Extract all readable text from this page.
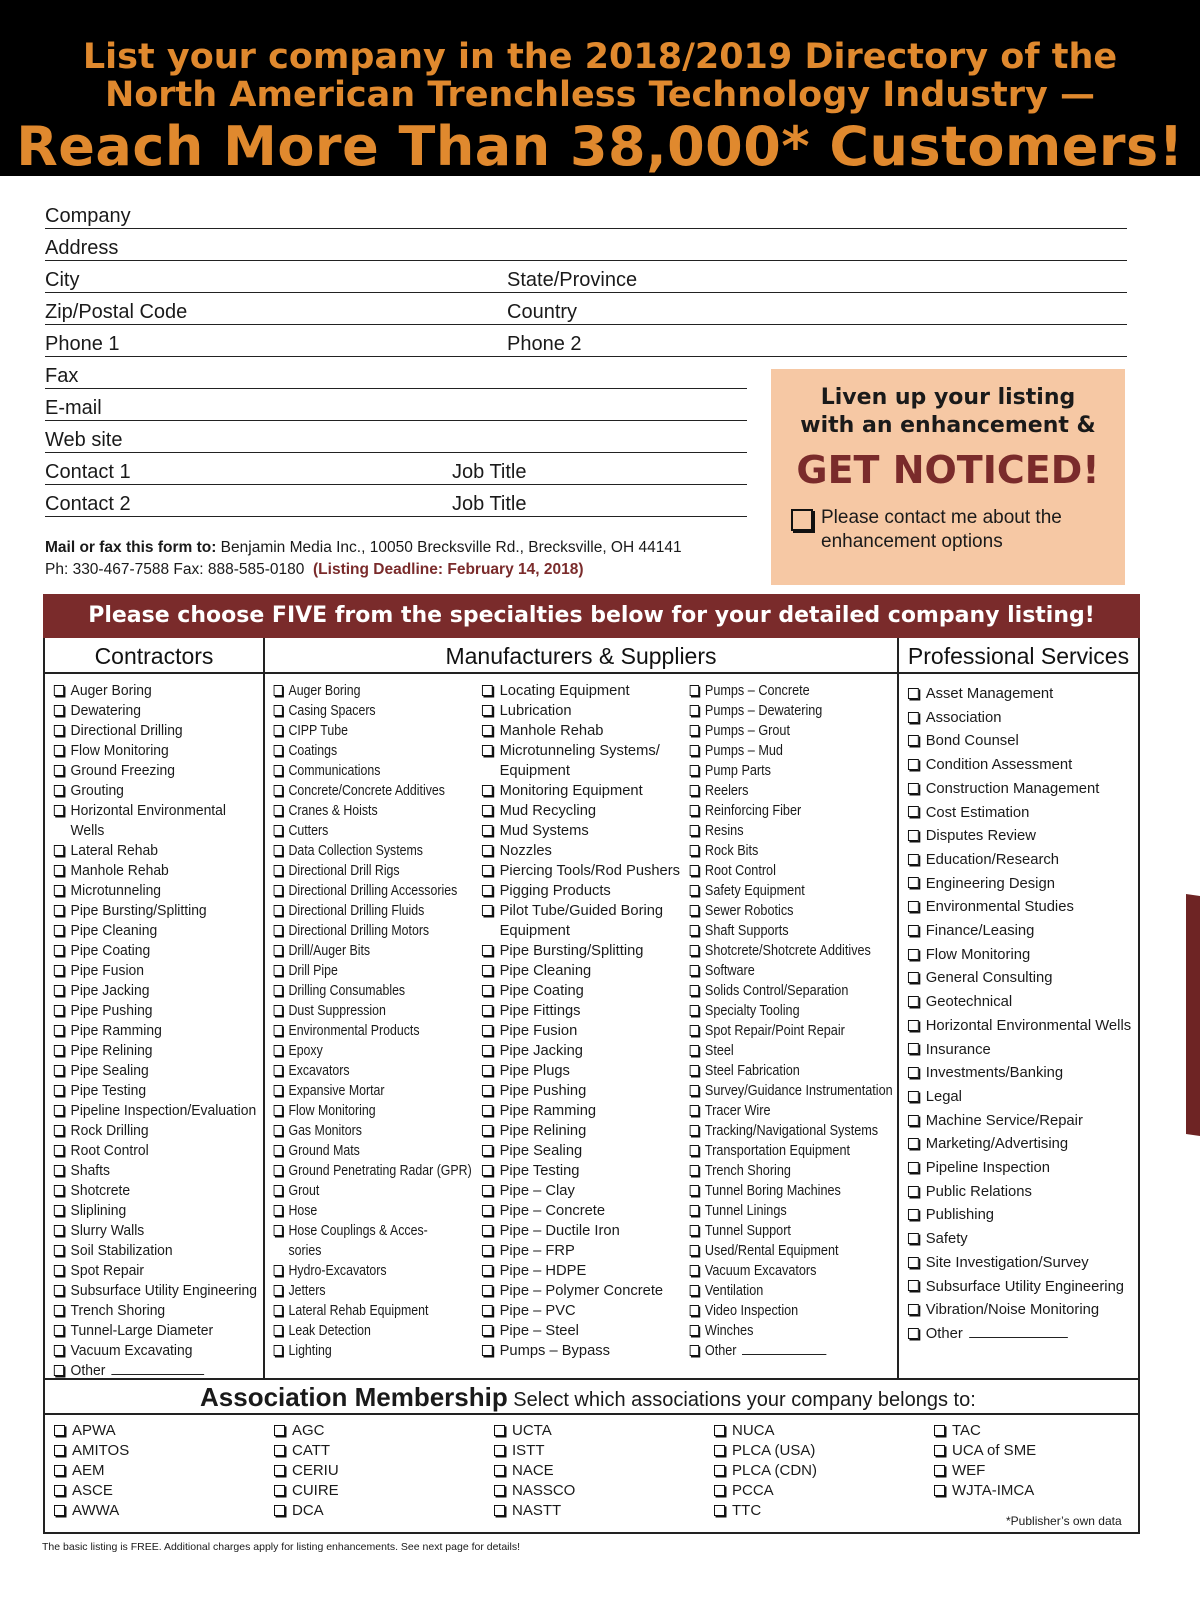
List your company in the 2018/2019 Directory of the
North American Trenchless Technology Industry —
Reach More Than 38,000* Customers!
Company
Address
City	State/Province
Zip/Postal Code	Country
Phone 1	Phone 2
Fax
E-mail
Web site
Contact 1	Job Title
Contact 2	Job Title
Mail or fax this form to: Benjamin Media Inc., 10050 Brecksville Rd., Brecksville, OH 44141
Ph: 330-467-7588 Fax: 888-585-0180 (Listing Deadline: February 14, 2018)
Liven up your listing
with an enhancement &
GET NOTICED!
Please contact me about the enhancement options
Please choose FIVE from the specialties below for your detailed company listing!
Contractors	Manufacturers & Suppliers	Professional Services
Auger Boring
Dewatering
Directional Drilling
Flow Monitoring
Ground Freezing
Grouting
Horizontal Environmental
Wells
Lateral Rehab
Manhole Rehab
Microtunneling
Pipe Bursting/Splitting
Pipe Cleaning
Pipe Coating
Pipe Fusion
Pipe Jacking
Pipe Pushing
Pipe Ramming
Pipe Relining
Pipe Sealing
Pipe Testing
Pipeline Inspection/Evaluation
Rock Drilling
Root Control
Shafts
Shotcrete
Sliplining
Slurry Walls
Soil Stabilization
Spot Repair
Subsurface Utility Engineering
Trench Shoring
Tunnel-Large Diameter
Vacuum Excavating
Other
Auger Boring
Casing Spacers
CIPP Tube
Coatings
Communications
Concrete/Concrete Additives
Cranes & Hoists
Cutters
Data Collection Systems
Directional Drill Rigs
Directional Drilling Accessories
Directional Drilling Fluids
Directional Drilling Motors
Drill/Auger Bits
Drill Pipe
Drilling Consumables
Dust Suppression
Environmental Products
Epoxy
Excavators
Expansive Mortar
Flow Monitoring
Gas Monitors
Ground Mats
Ground Penetrating Radar (GPR)
Grout
Hose
Hose Couplings & Acces-
sories
Hydro-Excavators
Jetters
Lateral Rehab Equipment
Leak Detection
Lighting
Locating Equipment
Lubrication
Manhole Rehab
Microtunneling Systems/
Equipment
Monitoring Equipment
Mud Recycling
Mud Systems
Nozzles
Piercing Tools/Rod Pushers
Pigging Products
Pilot Tube/Guided Boring
Equipment
Pipe Bursting/Splitting
Pipe Cleaning
Pipe Coating
Pipe Fittings
Pipe Fusion
Pipe Jacking
Pipe Plugs
Pipe Pushing
Pipe Ramming
Pipe Relining
Pipe Sealing
Pipe Testing
Pipe – Clay
Pipe – Concrete
Pipe – Ductile Iron
Pipe – FRP
Pipe – HDPE
Pipe – Polymer Concrete
Pipe – PVC
Pipe – Steel
Pumps – Bypass
Pumps – Concrete
Pumps – Dewatering
Pumps – Grout
Pumps – Mud
Pump Parts
Reelers
Reinforcing Fiber
Resins
Rock Bits
Root Control
Safety Equipment
Sewer Robotics
Shaft Supports
Shotcrete/Shotcrete Additives
Software
Solids Control/Separation
Specialty Tooling
Spot Repair/Point Repair
Steel
Steel Fabrication
Survey/Guidance Instrumentation
Tracer Wire
Tracking/Navigational Systems
Transportation Equipment
Trench Shoring
Tunnel Boring Machines
Tunnel Linings
Tunnel Support
Used/Rental Equipment
Vacuum Excavators
Ventilation
Video Inspection
Winches
Other
Asset Management
Association
Bond Counsel
Condition Assessment
Construction Management
Cost Estimation
Disputes Review
Education/Research
Engineering Design
Environmental Studies
Finance/Leasing
Flow Monitoring
General Consulting
Geotechnical
Horizontal Environmental Wells
Insurance
Investments/Banking
Legal
Machine Service/Repair
Marketing/Advertising
Pipeline Inspection
Public Relations
Publishing
Safety
Site Investigation/Survey
Subsurface Utility Engineering
Vibration/Noise Monitoring
Other
Association Membership Select which associations your company belongs to:
APWA
AMITOS
AEM
ASCE
AWWA
AGC
CATT
CERIU
CUIRE
DCA
UCTA
ISTT
NACE
NASSCO
NASTT
NUCA
PLCA (USA)
PLCA (CDN)
PCCA
TTC
TAC
UCA of SME
WEF
WJTA-IMCA
*Publisher’s own data
The basic listing is FREE. Additional charges apply for listing enhancements. See next page for details!
